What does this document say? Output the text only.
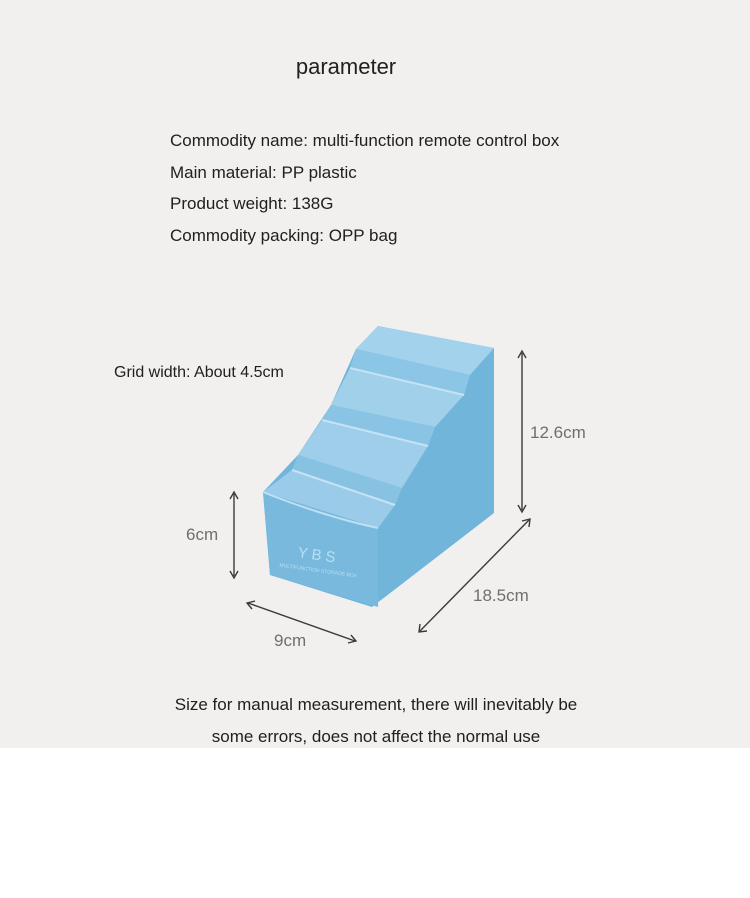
parameter
Commodity name: multi-function remote control box
Main material: PP plastic
Product weight: 138G
Commodity packing: OPP bag
YBS
MULTIFUNCTION STORAGE BOX
Grid width: About 4.5cm
12.6cm
6cm
18.5cm
9cm
Size for manual measurement, there will inevitably be
some errors, does not affect the normal use
